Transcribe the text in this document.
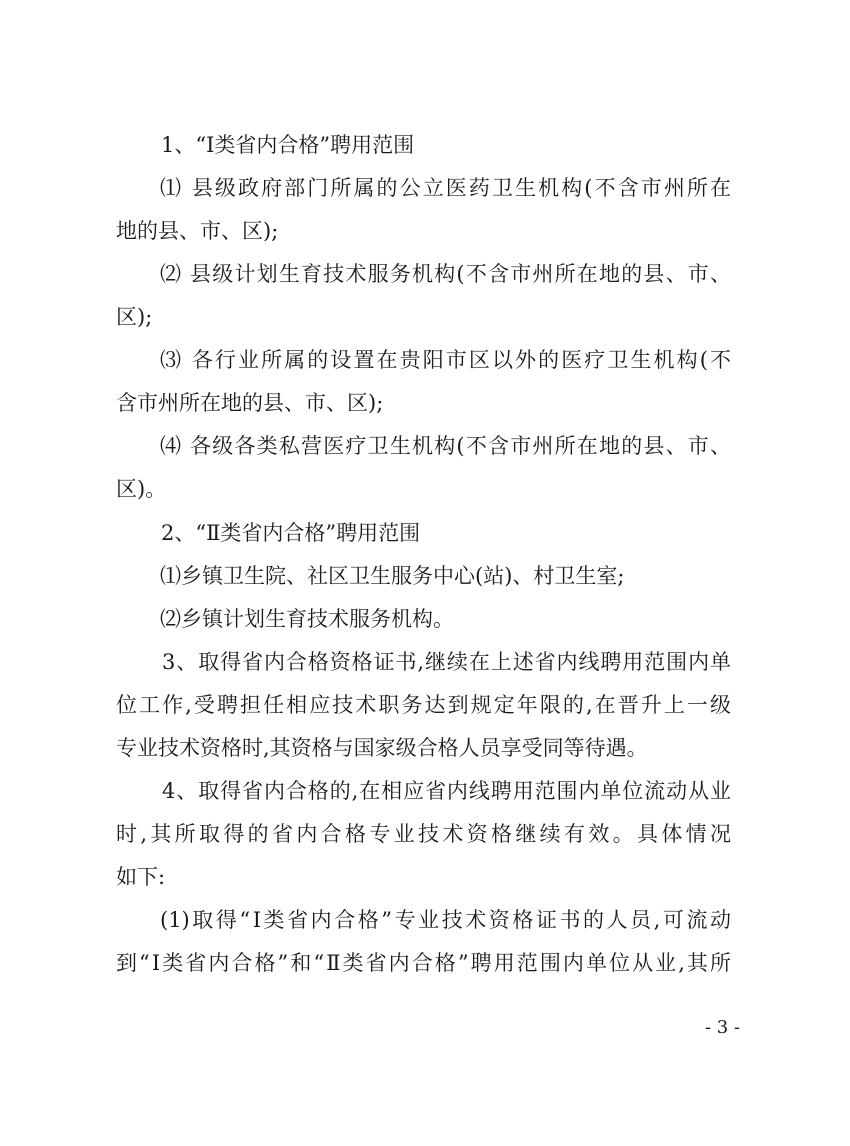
1、“Ⅰ类省内合格”聘用范围
⑴ 县级政府部门所属的公立医药卫生机构(不含市州所在
地的县、市、区);
⑵ 县级计划生育技术服务机构(不含市州所在地的县、市、
区);
⑶ 各行业所属的设置在贵阳市区以外的医疗卫生机构(不
含市州所在地的县、市、区);
⑷ 各级各类私营医疗卫生机构(不含市州所在地的县、市、
区)。
2、“Ⅱ类省内合格”聘用范围
⑴乡镇卫生院、社区卫生服务中心(站)、村卫生室;
⑵乡镇计划生育技术服务机构。
3、取得省内合格资格证书,继续在上述省内线聘用范围内单
位工作,受聘担任相应技术职务达到规定年限的,在晋升上一级
专业技术资格时,其资格与国家级合格人员享受同等待遇。
4、取得省内合格的,在相应省内线聘用范围内单位流动从业
时,其所取得的省内合格专业技术资格继续有效。具体情况
如下:
(1)取得“Ⅰ类省内合格”专业技术资格证书的人员,可流动
到“Ⅰ类省内合格”和“Ⅱ类省内合格”聘用范围内单位从业,其所
- 3 -
